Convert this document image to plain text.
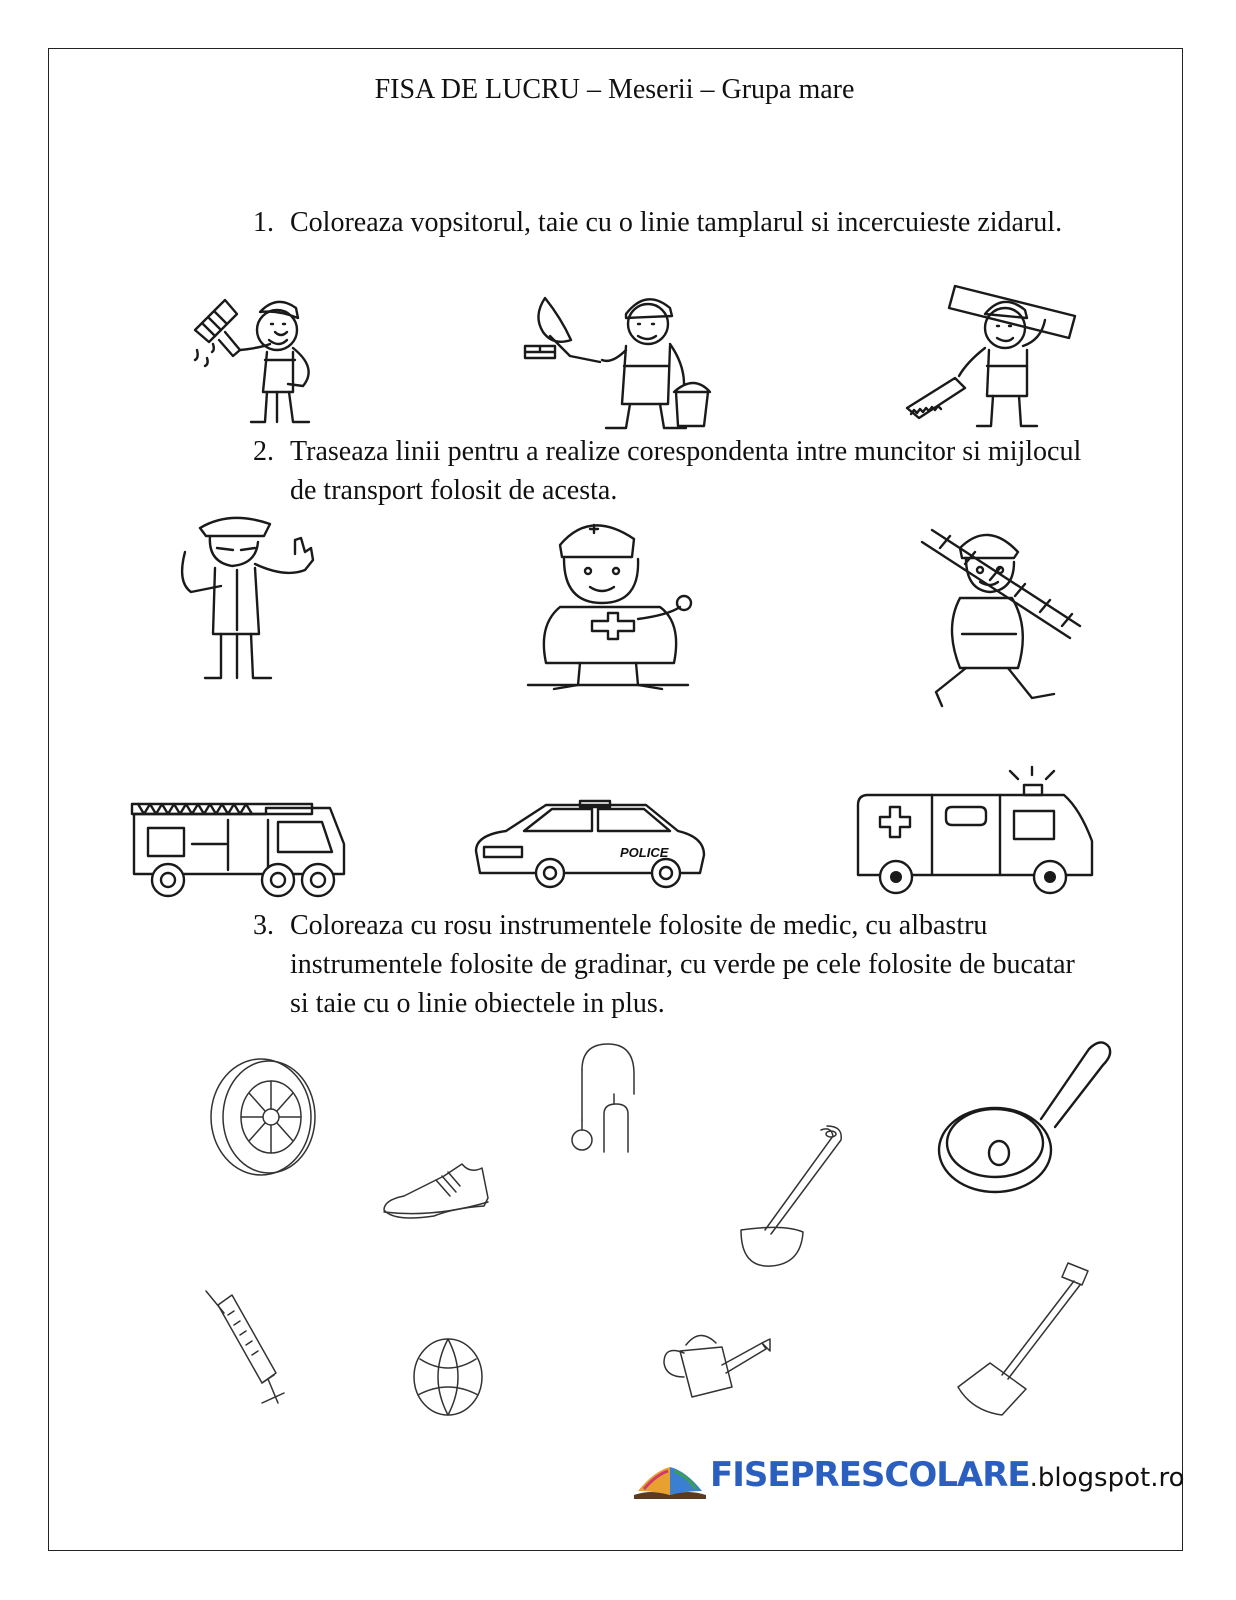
FISA DE LUCRU – Meserii – Grupa mare
1. Coloreaza vopsitorul, taie cu o linie tamplarul si incercuieste zidarul.
2. Traseaza linii pentru a realize corespondenta intre muncitor si mijlocul de transport folosit de acesta.
POLICE
3. Coloreaza cu rosu instrumentele folosite de medic, cu albastru instrumentele folosite de gradinar, cu verde pe cele folosite de bucatar si taie cu o linie obiectele in plus.
FISEPRESCOLARE.blogspot.ro
